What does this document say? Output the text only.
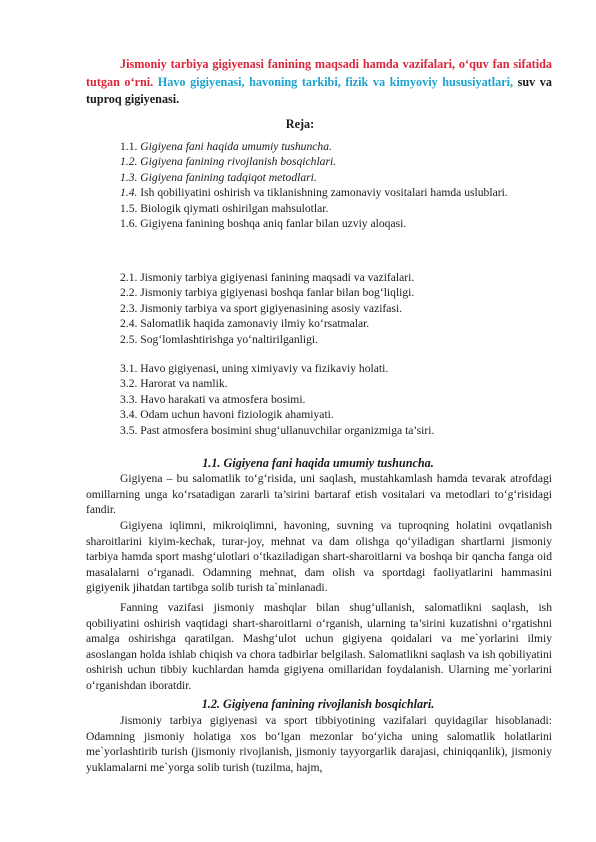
Jismoniy tarbiya gigiyenasi fanining maqsadi hamda vazifalari, o‘quv fan sifatida tutgan o‘rni. Havo gigiyenasi, havoning tarkibi, fizik va kimyoviy hususiyatlari, suv va tuproq gigiyenasi.
Reja:
1.1. Gigiyena fani haqida umumiy tushuncha.
1.2. Gigiyena fanining rivojlanish bosqichlari.
1.3. Gigiyena fanining tadqiqot metodlari.
1.4. Ish qobiliyatini oshirish va tiklanishning zamonaviy vositalari hamda uslublari.
1.5. Biologik qiymati oshirilgan mahsulotlar.
1.6. Gigiyena fanining boshqa aniq fanlar bilan uzviy aloqasi.
2.1. Jismoniy tarbiya gigiyenasi fanining maqsadi va vazifalari.
2.2. Jismoniy tarbiya gigiyenasi boshqa fanlar bilan bog‘liqligi.
2.3. Jismoniy tarbiya va sport gigiyenasining asosiy vazifasi.
2.4. Salomatlik haqida zamonaviy ilmiy ko‘rsatmalar.
2.5. Sog‘lomlashtirishga yo‘naltirilganligi.
3.1. Havo gigiyenasi, uning ximiyaviy va fizikaviy holati.
3.2. Harorat va namlik.
3.3. Havo harakati va atmosfera bosimi.
3.4. Odam uchun havoni fiziologik ahamiyati.
3.5. Past atmosfera bosimini shug‘ullanuvchilar organizmiga ta’siri.
1.1. Gigiyena fani haqida umumiy tushuncha.
Gigiyena – bu salomatlik to‘g‘risida, uni saqlash, mustahkamlash hamda tevarak atrofdagi omillarning unga ko‘rsatadigan zararli ta’sirini bartaraf etish vositalari va metodlari to‘g‘risidagi fandir.
Gigiyena iqlimni, mikroiqlimni, havoning, suvning va tuproqning holatini ovqatlanish sharoitlarini kiyim-kechak, turar-joy, mehnat va dam olishga qo‘yiladigan shartlarni jismoniy tarbiya hamda sport mashg‘ulotlari o‘tkaziladigan shart-sharoitlarni va boshqa bir qancha fanga oid masalalarni o‘rganadi. Odamning mehnat, dam olish va sportdagi faoliyatlarini hammasini gigiyenik jihatdan tartibga solib turish ta`minlanadi.
Fanning vazifasi jismoniy mashqlar bilan shug‘ullanish, salomatlikni saqlash, ish qobiliyatini oshirish vaqtidagi shart-sharoitlarni o‘rganish, ularning ta’sirini kuzatishni o‘rgatishni amalga oshirishga qaratilgan. Mashg‘ulot uchun gigiyena qoidalari va me`yorlarini ilmiy asoslangan holda ishlab chiqish va chora tadbirlar belgilash. Salomatlikni saqlash va ish qobiliyatini oshirish uchun tibbiy kuchlardan hamda gigiyena omillaridan foydalanish. Ularning me`yorlarini o‘rganishdan iboratdir.
1.2. Gigiyena fanining rivojlanish bosqichlari.
Jismoniy tarbiya gigiyenasi va sport tibbiyotining vazifalari quyidagilar hisoblanadi: Odamning jismoniy holatiga xos bo‘lgan mezonlar bo‘yicha uning salomatlik holatlarini me`yorlashtirib turish (jismoniy rivojlanish, jismoniy tayyorgarlik darajasi, chiniqqanlik), jismoniy yuklamalarni me`yorga solib turish (tuzilma, hajm,
